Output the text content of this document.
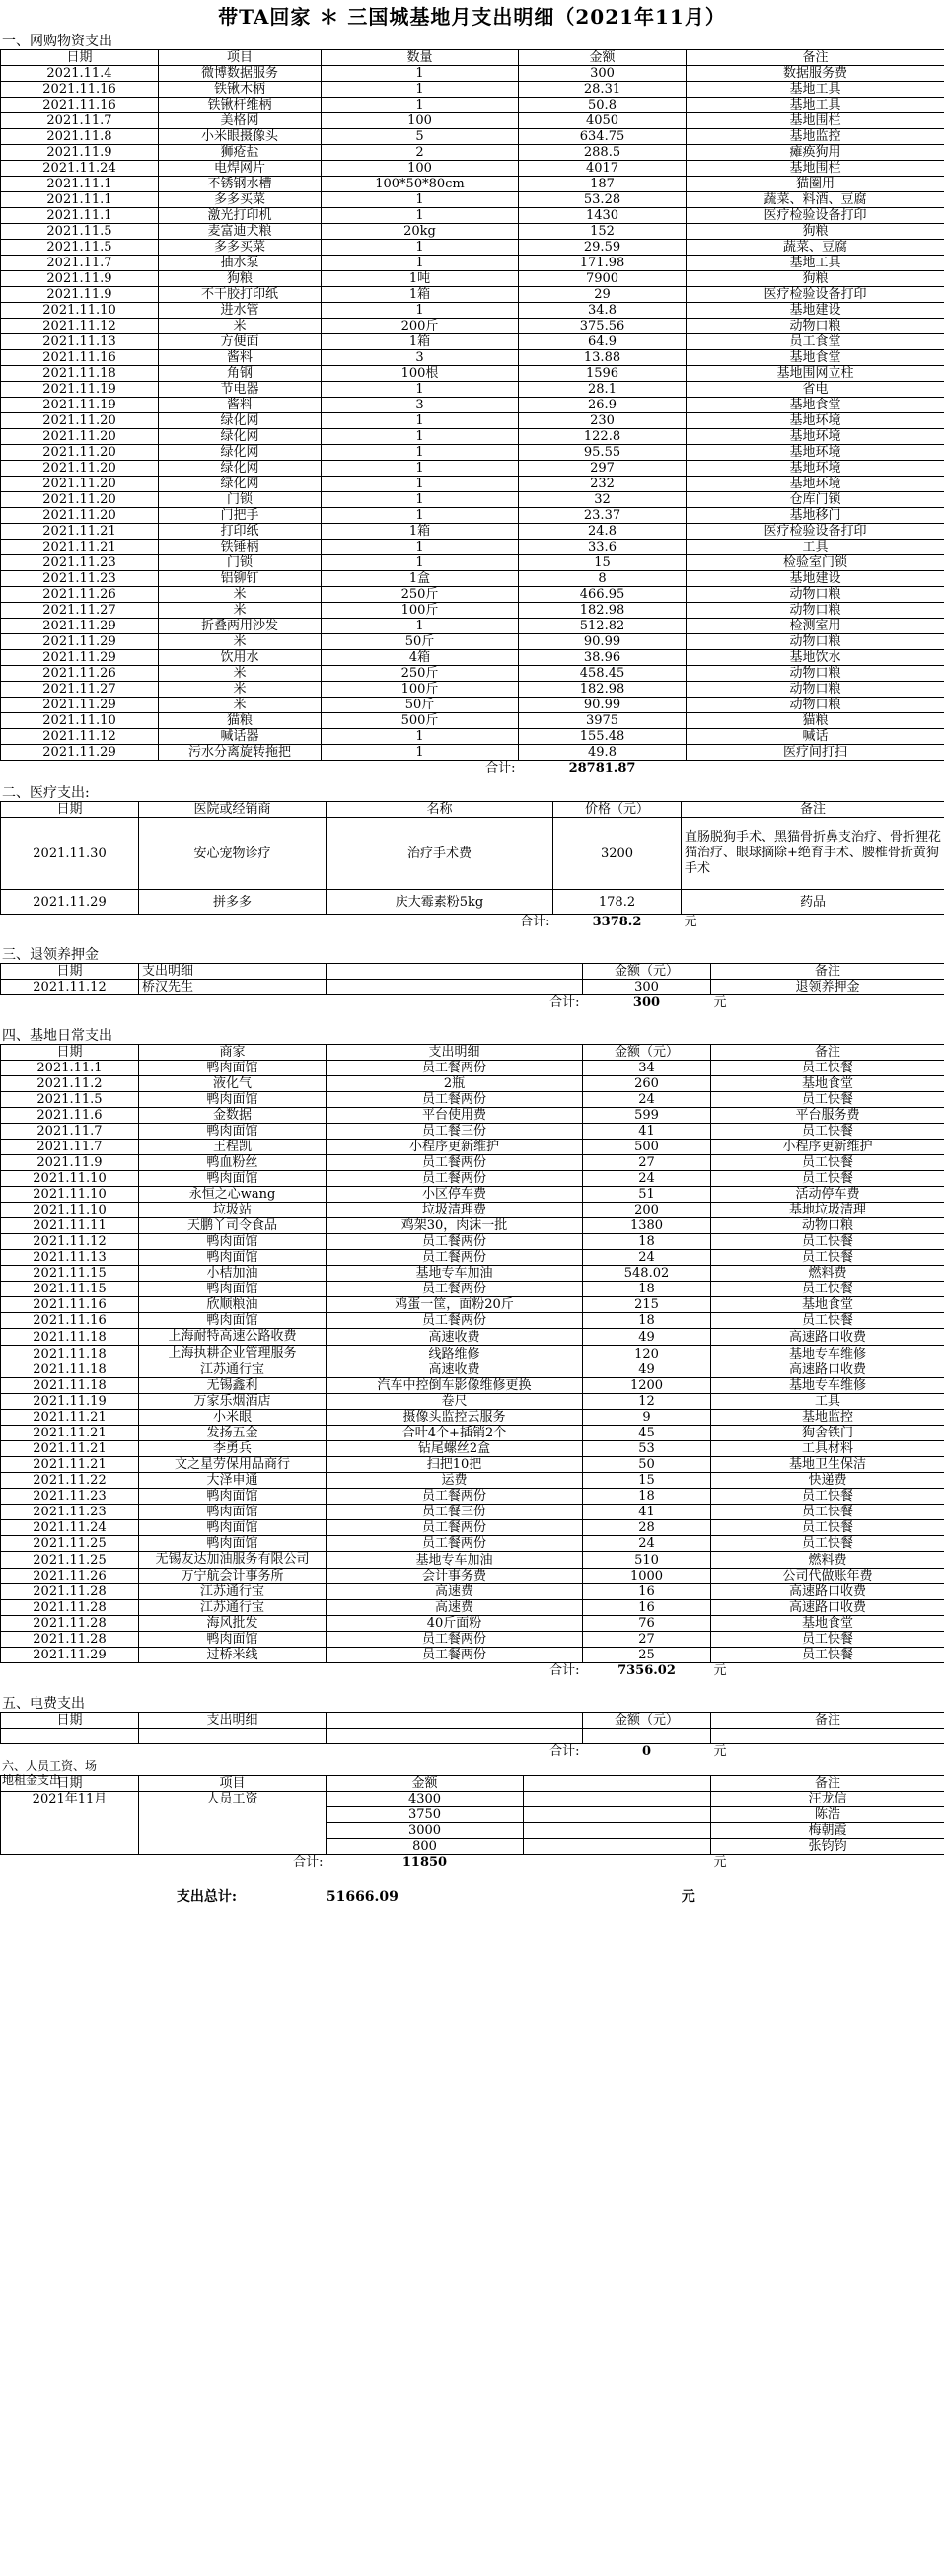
带TA回家 ＊ 三国城基地月支出明细（2021年11月）
一、网购物资支出
日期	项目	数量	金额	备注
2021.11.4	微博数据服务	1	300	数据服务费
2021.11.16	铁锹木柄	1	28.31	基地工具
2021.11.16	铁锹杆维柄	1	50.8	基地工具
2021.11.7	美格网	100	4050	基地围栏
2021.11.8	小米眼摄像头	5	634.75	基地监控
2021.11.9	狮疮盐	2	288.5	瘫痪狗用
2021.11.24	电焊网片	100	4017	基地围栏
2021.11.1	不锈钢水槽	100*50*80cm	187	猫圈用
2021.11.1	多多买菜	1	53.28	蔬菜、料酒、豆腐
2021.11.1	激光打印机	1	1430	医疗检验设备打印
2021.11.5	麦富迪犬粮	20kg	152	狗粮
2021.11.5	多多买菜	1	29.59	蔬菜、豆腐
2021.11.7	抽水泵	1	171.98	基地工具
2021.11.9	狗粮	1吨	7900	狗粮
2021.11.9	不干胶打印纸	1箱	29	医疗检验设备打印
2021.11.10	进水管	1	34.8	基地建设
2021.11.12	米	200斤	375.56	动物口粮
2021.11.13	方便面	1箱	64.9	员工食堂
2021.11.16	酱料	3	13.88	基地食堂
2021.11.18	角钢	100根	1596	基地围网立柱
2021.11.19	节电器	1	28.1	省电
2021.11.19	酱料	3	26.9	基地食堂
2021.11.20	绿化网	1	230	基地环境
2021.11.20	绿化网	1	122.8	基地环境
2021.11.20	绿化网	1	95.55	基地环境
2021.11.20	绿化网	1	297	基地环境
2021.11.20	绿化网	1	232	基地环境
2021.11.20	门锁	1	32	仓库门锁
2021.11.20	门把手	1	23.37	基地移门
2021.11.21	打印纸	1箱	24.8	医疗检验设备打印
2021.11.21	铁锤柄	1	33.6	工具
2021.11.23	门锁	1	15	检验室门锁
2021.11.23	铝铆钉	1盒	8	基地建设
2021.11.26	米	250斤	466.95	动物口粮
2021.11.27	米	100斤	182.98	动物口粮
2021.11.29	折叠两用沙发	1	512.82	检测室用
2021.11.29	米	50斤	90.99	动物口粮
2021.11.29	饮用水	4箱	38.96	基地饮水
2021.11.26	米	250斤	458.45	动物口粮
2021.11.27	米	100斤	182.98	动物口粮
2021.11.29	米	50斤	90.99	动物口粮
2021.11.10	猫粮	500斤	3975	猫粮
2021.11.12	喊话器	1	155.48	喊话
2021.11.29	污水分离旋转拖把	1	49.8	医疗间打扫
		合计:	28781.87	
二、医疗支出:
日期	医院或经销商	名称	价格（元）	备注
2021.11.30	安心宠物诊疗	治疗手术费	3200	直肠脱狗手术、黑猫骨折鼻支治疗、骨折狸花猫治疗、眼球摘除+绝育手术、腰椎骨折黄狗手术
2021.11.29	拼多多	庆大霉素粉5kg	178.2	药品
		合计:	3378.2	元
三、退领养押金
日期	支出明细		金额（元）	备注
2021.11.12	桥汉先生		300	退领养押金
		合计:	300	元
四、基地日常支出
日期	商家	支出明细	金额（元）	备注
2021.11.1	鸭肉面馆	员工餐两份	34	员工快餐
2021.11.2	液化气	2瓶	260	基地食堂
2021.11.5	鸭肉面馆	员工餐两份	24	员工快餐
2021.11.6	金数据	平台使用费	599	平台服务费
2021.11.7	鸭肉面馆	员工餐三份	41	员工快餐
2021.11.7	王程凯	小程序更新维护	500	小程序更新维护
2021.11.9	鸭血粉丝	员工餐两份	27	员工快餐
2021.11.10	鸭肉面馆	员工餐两份	24	员工快餐
2021.11.10	永恒之心wang	小区停车费	51	活动停车费
2021.11.10	垃圾站	垃圾清理费	200	基地垃圾清理
2021.11.11	天鹏丫司令食品	鸡架30，肉沫一批	1380	动物口粮
2021.11.12	鸭肉面馆	员工餐两份	18	员工快餐
2021.11.13	鸭肉面馆	员工餐两份	24	员工快餐
2021.11.15	小桔加油	基地专车加油	548.02	燃料费
2021.11.15	鸭肉面馆	员工餐两份	18	员工快餐
2021.11.16	欣顺粮油	鸡蛋一筐，面粉20斤	215	基地食堂
2021.11.16	鸭肉面馆	员工餐两份	18	员工快餐
2021.11.18	上海耐特高速公路收费	高速收费	49	高速路口收费
2021.11.18	上海执耕企业管理服务	线路维修	120	基地专车维修
2021.11.18	江苏通行宝	高速收费	49	高速路口收费
2021.11.18	无锡鑫利	汽车中控倒车影像维修更换	1200	基地专车维修
2021.11.19	万家乐烟酒店	卷尺	12	工具
2021.11.21	小米眼	摄像头监控云服务	9	基地监控
2021.11.21	发扬五金	合叶4个+插销2个	45	狗舍铁门
2021.11.21	李勇兵	钻尾螺丝2盒	53	工具材料
2021.11.21	文之星劳保用品商行	扫把10把	50	基地卫生保洁
2021.11.22	大泽申通	运费	15	快递费
2021.11.23	鸭肉面馆	员工餐两份	18	员工快餐
2021.11.23	鸭肉面馆	员工餐三份	41	员工快餐
2021.11.24	鸭肉面馆	员工餐两份	28	员工快餐
2021.11.25	鸭肉面馆	员工餐两份	24	员工快餐
2021.11.25	无锡友达加油服务有限公司	基地专车加油	510	燃料费
2021.11.26	万宁航会计事务所	会计事务费	1000	公司代做账年费
2021.11.28	江苏通行宝	高速费	16	高速路口收费
2021.11.28	江苏通行宝	高速费	16	高速路口收费
2021.11.28	海风批发	40斤面粉	76	基地食堂
2021.11.28	鸭肉面馆	员工餐两份	27	员工快餐
2021.11.29	过桥米线	员工餐两份	25	员工快餐
		合计:	7356.02	元
五、电费支出
日期	支出明细		金额（元）	备注

		合计:	0	元
六、人员工资、场
地租金支出
日期	项目	金额		备注
2021年11月	人员工资	4300		汪龙信
		3750		陈浩
		3000		梅朝霞
		800		张钧钧
	合计:	11850		元
支出总计:	51666.09	元
